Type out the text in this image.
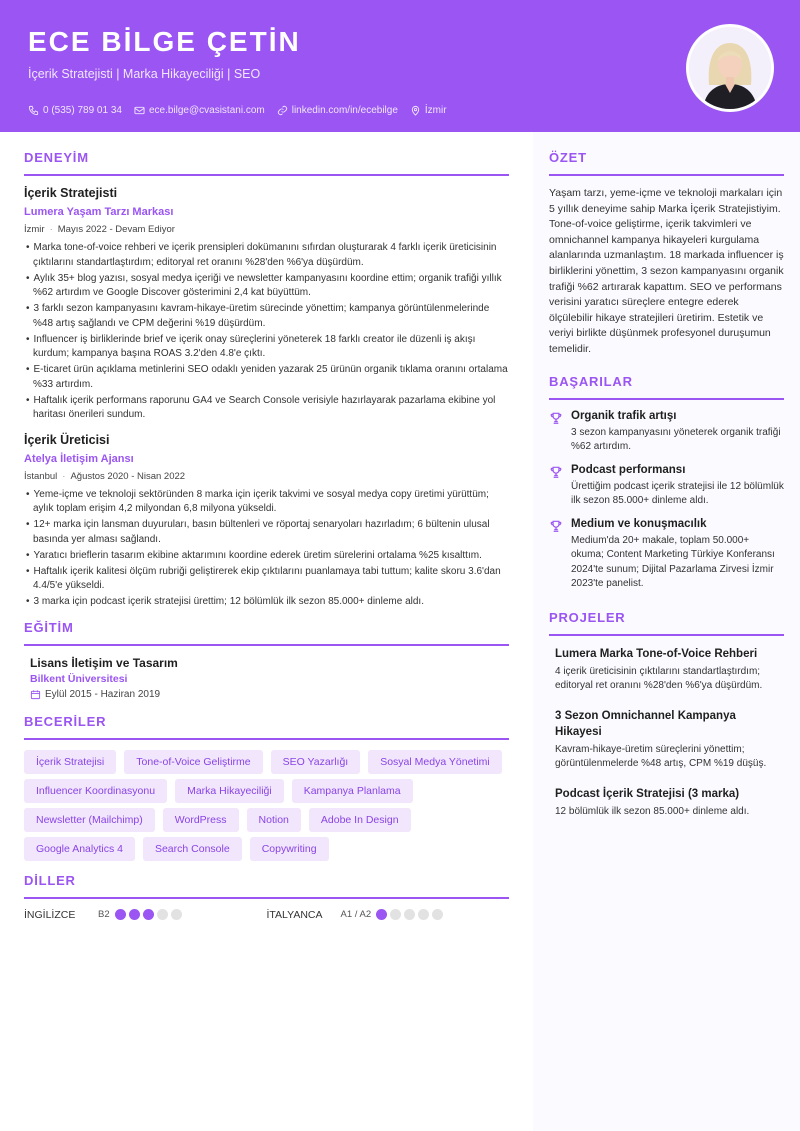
ECE BİLGE ÇETİN
İçerik Stratejisti | Marka Hikayeciliği | SEO
0 (535) 789 01 34	ece.bilge@cvasistani.com	linkedin.com/in/ecebilge	İzmir
DENEYİM
İçerik Stratejisti
Lumera Yaşam Tarzı Markası
İzmir · Mayıs 2022 - Devam Ediyor
• Marka tone-of-voice rehberi ve içerik prensipleri dokümanını sıfırdan oluşturarak 4 farklı içerik üreticisinin çıktılarını standartlaştırdım; editoryal ret oranını %28'den %6'ya düşürdüm.
• Aylık 35+ blog yazısı, sosyal medya içeriği ve newsletter kampanyasını koordine ettim; organik trafiği yıllık %62 artırdım ve Google Discover gösterimini 2,4 kat büyüttüm.
• 3 farklı sezon kampanyasını kavram-hikaye-üretim sürecinde yönettim; kampanya görüntülenmelerinde %48 artış sağlandı ve CPM değerini %19 düşürdüm.
• Influencer iş birliklerinde brief ve içerik onay süreçlerini yöneterek 18 farklı creator ile düzenli iş akışı kurdum; kampanya başına ROAS 3.2'den 4.8'e çıktı.
• E-ticaret ürün açıklama metinlerini SEO odaklı yeniden yazarak 25 ürünün organik tıklama oranını ortalama %33 artırdım.
• Haftalık içerik performans raporunu GA4 ve Search Console verisiyle hazırlayarak pazarlama ekibine yol haritası önerileri sundum.
İçerik Üreticisi
Atelya İletişim Ajansı
İstanbul · Ağustos 2020 - Nisan 2022
• Yeme-içme ve teknoloji sektöründen 8 marka için içerik takvimi ve sosyal medya copy üretimi yürüttüm; aylık toplam erişim 4,2 milyondan 6,8 milyona yükseldi.
• 12+ marka için lansman duyuruları, basın bültenleri ve röportaj senaryoları hazırladım; 6 bültenin ulusal basında yer alması sağlandı.
• Yaratıcı brieflerin tasarım ekibine aktarımını koordine ederek üretim sürelerini ortalama %25 kısalttım.
• Haftalık içerik kalitesi ölçüm rubriği geliştirerek ekip çıktılarını puanlamaya tabi tuttum; kalite skoru 3.6'dan 4.4/5'e yükseldi.
• 3 marka için podcast içerik stratejisi ürettim; 12 bölümlük ilk sezon 85.000+ dinleme aldı.
EĞİTİM
Lisans İletişim ve Tasarım
Bilkent Üniversitesi
Eylül 2015 - Haziran 2019
BECERİLER
İçerik Stratejisi	Tone-of-Voice Geliştirme	SEO Yazarlığı	Sosyal Medya Yönetimi
Influencer Koordinasyonu	Marka Hikayeciliği	Kampanya Planlama
Newsletter (Mailchimp)	WordPress	Notion	Adobe In Design
Google Analytics 4	Search Console	Copywriting
DİLLER
İNGİLİZCE	B2	İTALYANCA	A1 / A2
ÖZET

Yaşam tarzı, yeme-içme ve teknoloji markaları için 5 yıllık deneyime sahip Marka İçerik Stratejistiyim. Tone-of-voice geliştirme, içerik takvimleri ve omnichannel kampanya hikayeleri kurgulama alanlarında uzmanlaştım. 18 markada influencer iş birliklerini yönettim, 3 sezon kampanyasını organik trafiği %62 artırarak kapattım. SEO ve performans verisini yaratıcı süreçlere entegre ederek ölçülebilir hikaye stratejileri üretirim. Estetik ve veriyi birlikte düşünmek profesyonel duruşumun temelidir.

BAŞARILAR
Organik trafik artışı
3 sezon kampanyasını yöneterek organik trafiği %62 artırdım.
Podcast performansı
Ürettiğim podcast içerik stratejisi ile 12 bölümlük ilk sezon 85.000+ dinleme aldı.
Medium ve konuşmacılık
Medium'da 20+ makale, toplam 50.000+ okuma; Content Marketing Türkiye Konferansı 2024'te sunum; Dijital Pazarlama Zirvesi İzmir 2023'te panelist.
PROJELER
Lumera Marka Tone-of-Voice Rehberi
4 içerik üreticisinin çıktılarını standartlaştırdım; editoryal ret oranını %28'den %6'ya düşürdüm.
3 Sezon Omnichannel Kampanya Hikayesi
Kavram-hikaye-üretim süreçlerini yönettim; görüntülenmelerde %48 artış, CPM %19 düşüş.
Podcast İçerik Stratejisi (3 marka)
12 bölümlük ilk sezon 85.000+ dinleme aldı.
